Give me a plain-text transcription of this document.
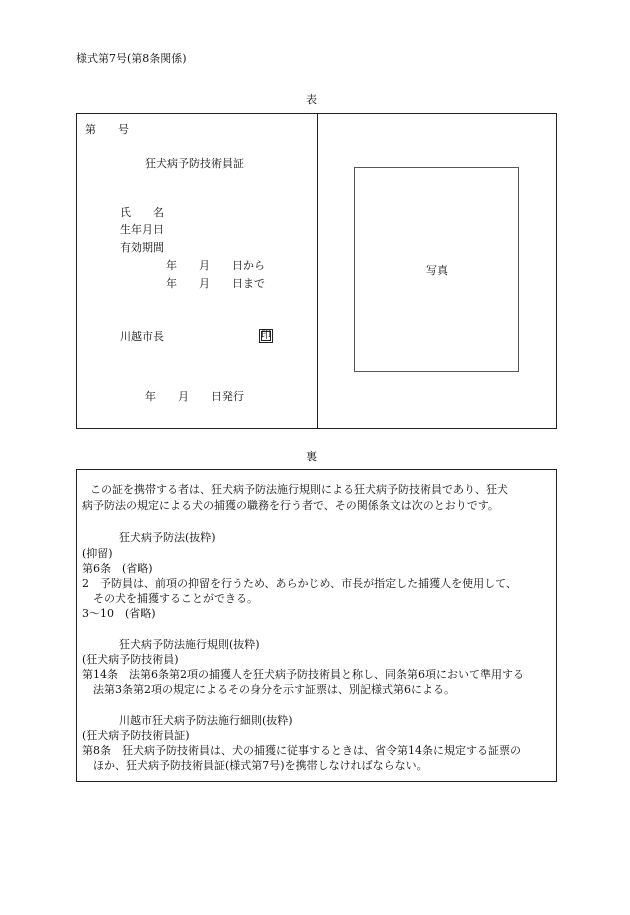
様式第7号(第8条関係)
表
第　　号
狂犬病予防技術員証
氏　　名
生年月日
有効期間
年　　月　　日から
年　　月　　日まで
川越市長	印
年　　月　　日発行
写真
裏
この証を携帯する者は、狂犬病予防法施行規則による狂犬病予防技術員であり、狂犬
病予防法の規定による犬の捕獲の職務を行う者で、その関係条文は次のとおりです。
狂犬病予防法(抜粋)
(抑留)
第6条　(省略)
2　予防員は、前項の抑留を行うため、あらかじめ、市長が指定した捕獲人を使用して、
その犬を捕獲することができる。
3〜10　(省略)
狂犬病予防法施行規則(抜粋)
(狂犬病予防技術員)
第14条　法第6条第2項の捕獲人を狂犬病予防技術員と称し、同条第6項において準用する
法第3条第2項の規定によるその身分を示す証票は、別記様式第6による。
川越市狂犬病予防法施行細則(抜粋)
(狂犬病予防技術員証)
第8条　狂犬病予防技術員は、犬の捕獲に従事するときは、省令第14条に規定する証票の
ほか、狂犬病予防技術員証(様式第7号)を携帯しなければならない。
